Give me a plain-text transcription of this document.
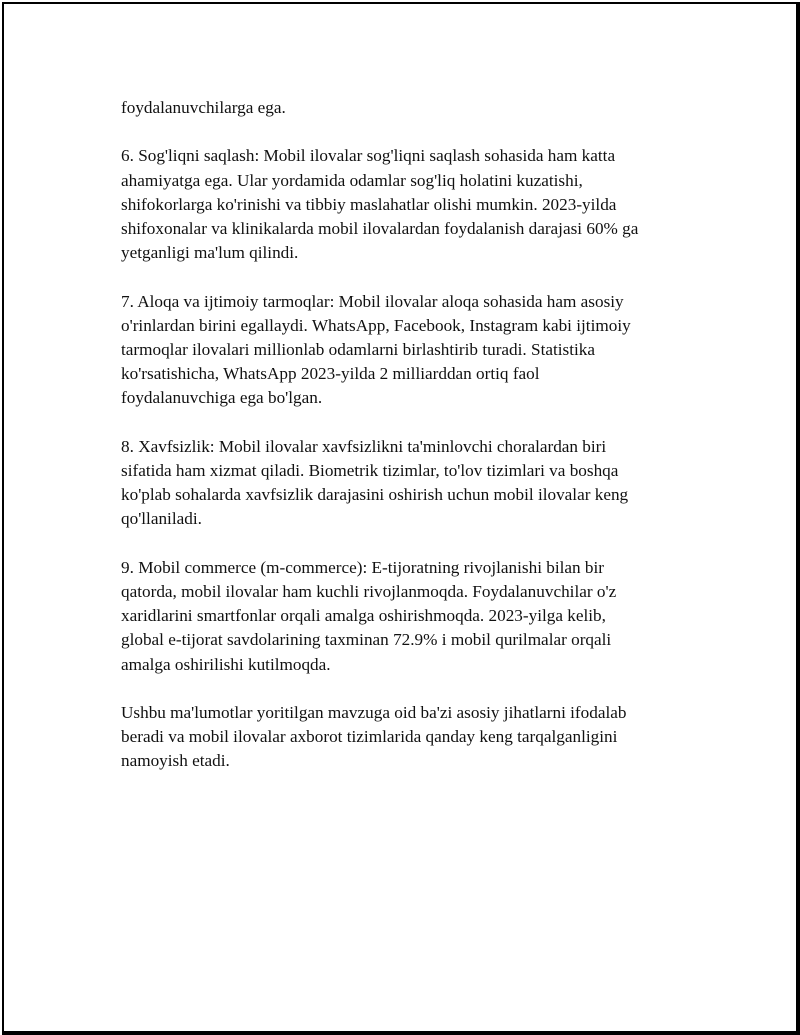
foydalanuvchilarga ega.

6. Sog'liqni saqlash: Mobil ilovalar sog'liqni saqlash sohasida ham katta
ahamiyatga ega. Ular yordamida odamlar sog'liq holatini kuzatishi,
shifokorlarga ko'rinishi va tibbiy maslahatlar olishi mumkin. 2023-yilda
shifoxonalar va klinikalarda mobil ilovalardan foydalanish darajasi 60% ga
yetganligi ma'lum qilindi.

7. Aloqa va ijtimoiy tarmoqlar: Mobil ilovalar aloqa sohasida ham asosiy
o'rinlardan birini egallaydi. WhatsApp, Facebook, Instagram kabi ijtimoiy
tarmoqlar ilovalari millionlab odamlarni birlashtirib turadi. Statistika
ko'rsatishicha, WhatsApp 2023-yilda 2 milliarddan ortiq faol
foydalanuvchiga ega bo'lgan.

8. Xavfsizlik: Mobil ilovalar xavfsizlikni ta'minlovchi choralardan biri
sifatida ham xizmat qiladi. Biometrik tizimlar, to'lov tizimlari va boshqa
ko'plab sohalarda xavfsizlik darajasini oshirish uchun mobil ilovalar keng
qo'llaniladi.

9. Mobil commerce (m-commerce): E-tijoratning rivojlanishi bilan bir
qatorda, mobil ilovalar ham kuchli rivojlanmoqda. Foydalanuvchilar o'z
xaridlarini smartfonlar orqali amalga oshirishmoqda. 2023-yilga kelib,
global e-tijorat savdolarining taxminan 72.9% i mobil qurilmalar orqali
amalga oshirilishi kutilmoqda.

Ushbu ma'lumotlar yoritilgan mavzuga oid ba'zi asosiy jihatlarni ifodalab
beradi va mobil ilovalar axborot tizimlarida qanday keng tarqalganligini
namoyish etadi.
